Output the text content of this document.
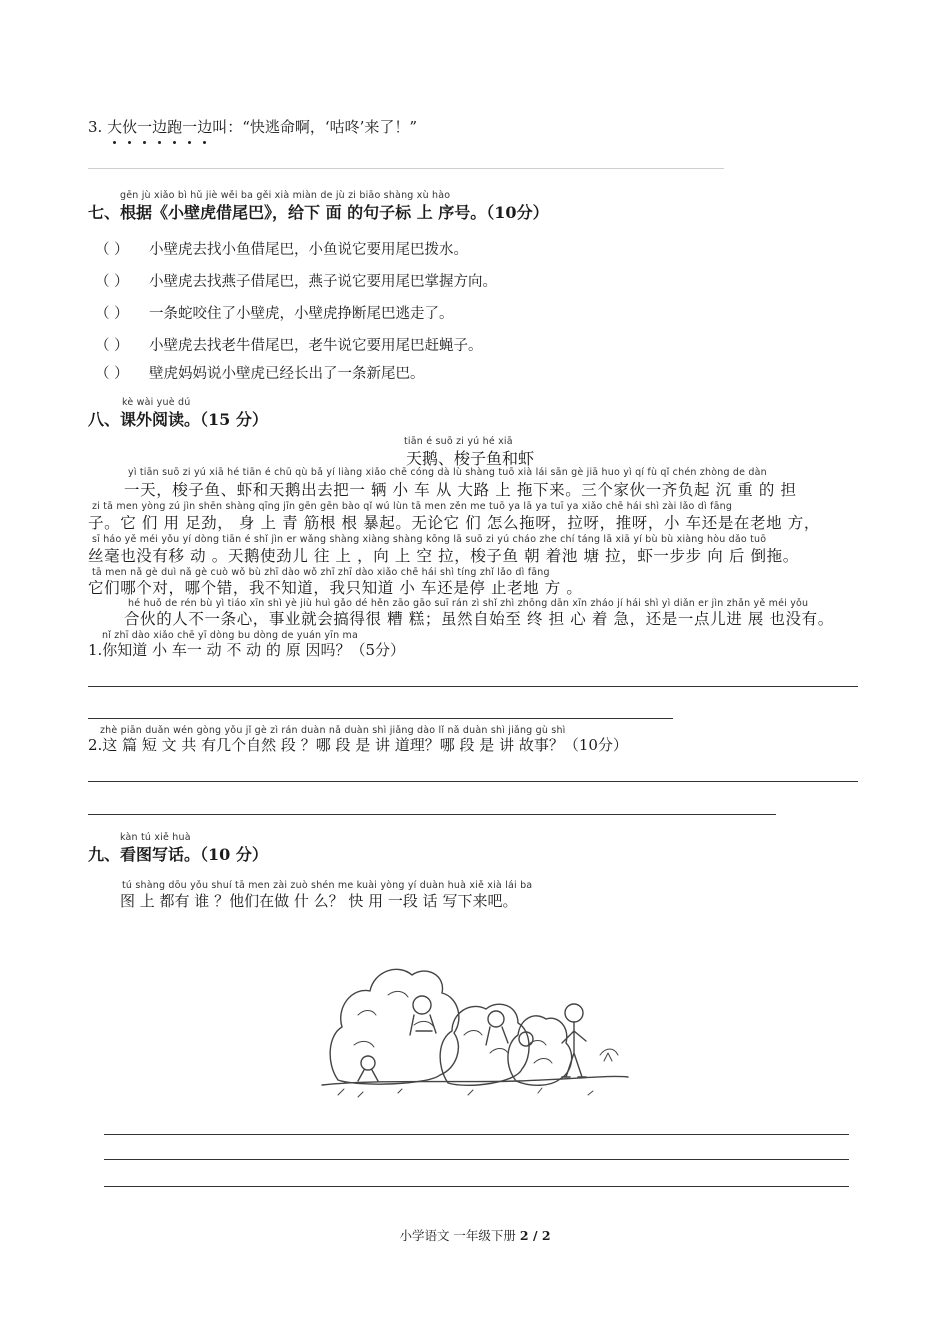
3. 大伙一边跑一边叫：“快逃命啊，‘咕咚’来了！”
gēn jù xiǎo bì hǔ jiè wěi ba gěi xià miàn de jù zi biāo shàng xù hào
七、根据《小壁虎借尾巴》，给下 面 的句子标 上 序号。（10分）
（ ） 小壁虎去找小鱼借尾巴，小鱼说它要用尾巴拨水。
（ ） 小壁虎去找燕子借尾巴，燕子说它要用尾巴掌握方向。
（ ） 一条蛇咬住了小壁虎，小壁虎挣断尾巴逃走了。
（ ） 小壁虎去找老牛借尾巴，老牛说它要用尾巴赶蝇子。
（ ） 壁虎妈妈说小壁虎已经长出了一条新尾巴。
kè wài yuè dú
八、课外阅读。（15 分）
tiān é suō zi yú hé xiā
天鹅、梭子鱼和虾
yì tiān suō zi yú xiā hé tiān é chū qù bǎ yí liàng xiǎo chē cóng dà lù shàng tuō xià lái sān gè jiā huo yì qí fù qǐ chén zhòng de dàn
一天，梭子鱼、虾和天鹅出去把一 辆 小 车 从 大路 上 拖下来。三个家伙一齐负起 沉 重 的 担
zi tā men yòng zú jìn shēn shàng qīng jīn gēn gēn bào qǐ wú lùn tā men zěn me tuō ya lā ya tuī ya xiǎo chē hái shì zài lǎo dì fāng
子。它 们 用 足劲， 身 上 青 筋根 根 暴起。无论它 们 怎么拖呀，拉呀，推呀，小 车还是在老地 方，
sī háo yě méi yǒu yí dòng tiān é shǐ jìn er wǎng shàng xiàng shàng kōng lā suō zi yú cháo zhe chí táng lā xiā yí bù bù xiàng hòu dǎo tuō
丝毫也没有移 动 。天鹅使劲儿 往 上 ，向 上 空 拉，梭子鱼 朝 着池 塘 拉，虾一步步 向 后 倒拖。
tā men nǎ gè duì nǎ gè cuò wǒ bù zhī dào wǒ zhī zhī dào xiǎo chē hái shì tíng zhǐ lǎo dì fāng
它们哪个对，哪个错，我不知道，我只知道 小 车还是停 止老地 方 。
hé huǒ de rén bù yì tiáo xīn shì yè jiù huì gǎo dé hěn zāo gāo suī rán zì shǐ zhì zhōng dān xīn zháo jí hái shì yì diǎn er jìn zhǎn yě méi yǒu
合伙的人不一条心，事业就会搞得很 糟 糕；虽然自始至 终 担 心 着 急，还是一点儿进 展 也没有。
nǐ zhī dào xiǎo chē yī dòng bu dòng de yuán yīn ma
1.你知道 小 车一 动 不 动 的 原 因吗？（5分）
zhè piān duǎn wén gòng yǒu jǐ gè zì rán duàn nǎ duàn shì jiǎng dào lǐ nǎ duàn shì jiǎng gù shì
2.这 篇 短 文 共 有几个自然 段 ？哪 段 是 讲 道理？哪 段 是 讲 故事？（10分）
kàn tú xiě huà
九、看图写话。（10 分）
tú shàng dōu yǒu shuí tā men zài zuò shén me kuài yòng yí duàn huà xiě xià lái ba
图 上 都有 谁 ？他们在做 什 么？ 快 用 一段 话 写下来吧。
小学语文 一年级下册 2 / 2
